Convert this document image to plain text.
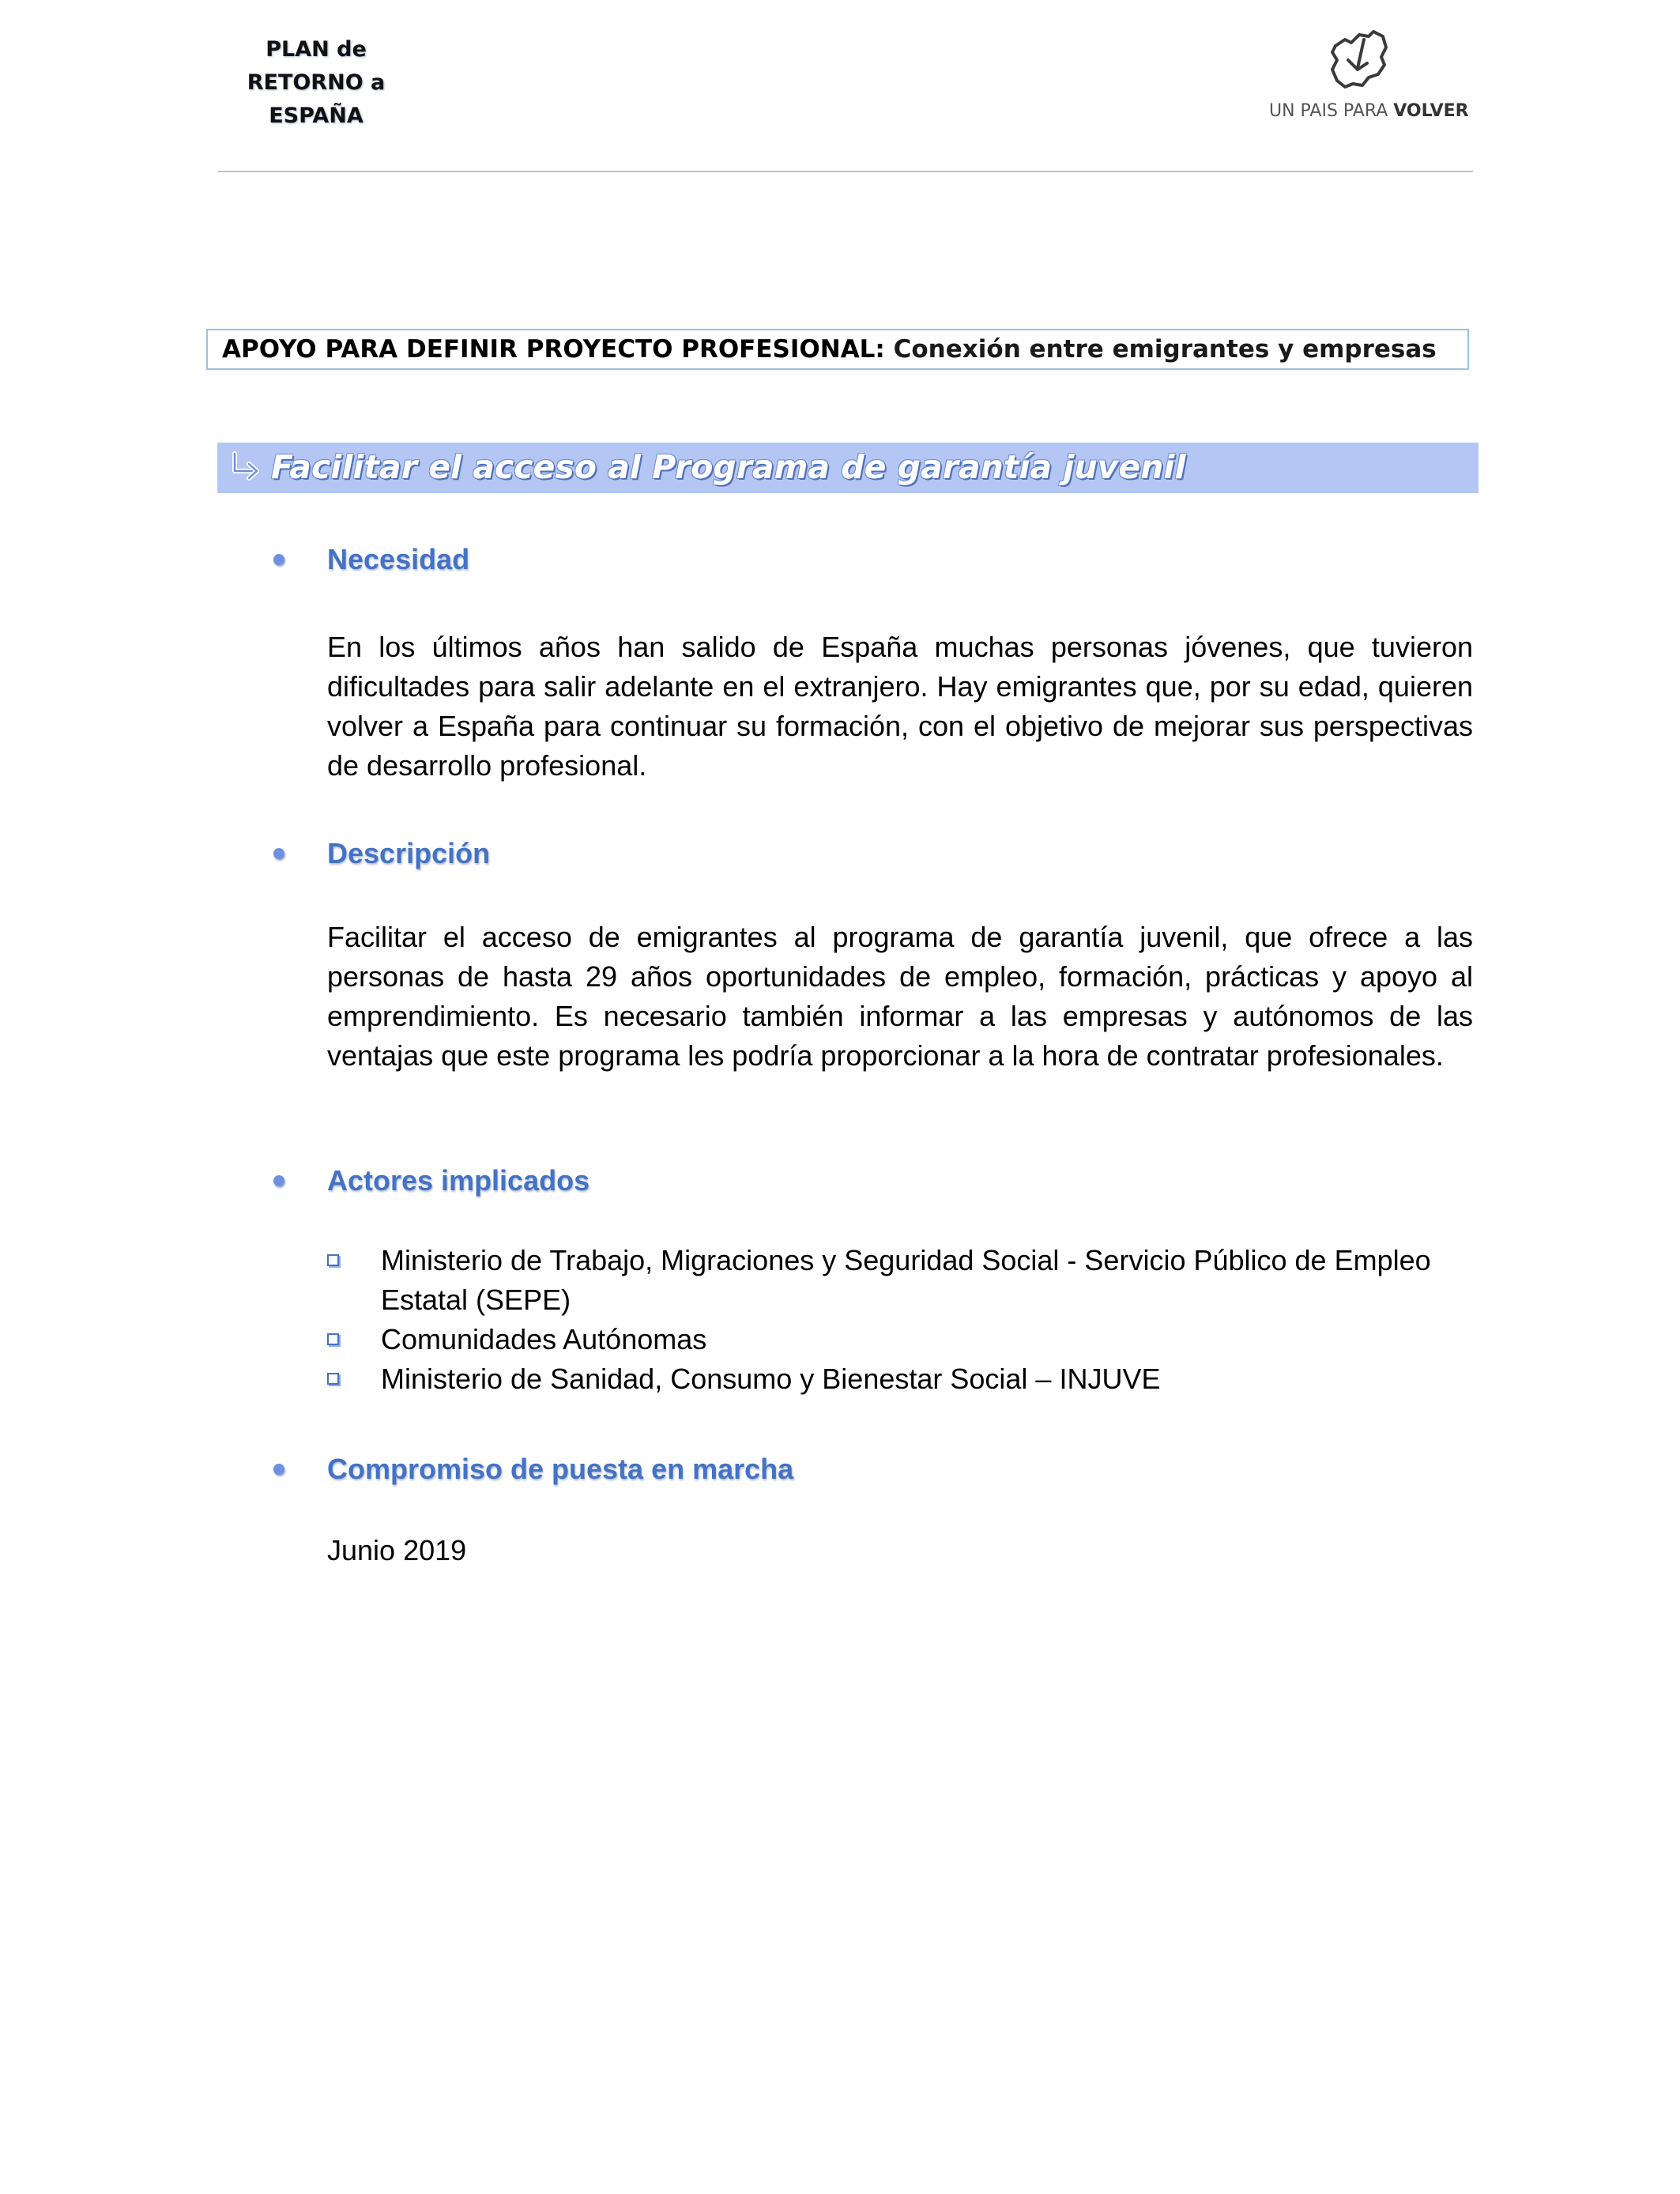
PLAN de
RETORNO a
ESPAÑA	UN PAIS PARA VOLVER
APOYO PARA DEFINIR PROYECTO PROFESIONAL: Conexión entre emigrantes y empresas
Facilitar el acceso al Programa de garantía juvenil
Necesidad
En los últimos años han salido de España muchas personas jóvenes, que tuvieron dificultades para salir adelante en el extranjero. Hay emigrantes que, por su edad, quieren volver a España para continuar su formación, con el objetivo de mejorar sus perspectivas de desarrollo profesional.
Descripción
Facilitar el acceso de emigrantes al programa de garantía juvenil, que ofrece a las personas de hasta 29 años oportunidades de empleo, formación, prácticas y apoyo al emprendimiento. Es necesario también informar a las empresas y autónomos de las ventajas que este programa les podría proporcionar a la hora de contratar profesionales.
Actores implicados
Ministerio de Trabajo, Migraciones y Seguridad Social - Servicio Público de Empleo Estatal (SEPE)
Comunidades Autónomas
Ministerio de Sanidad, Consumo y Bienestar Social – INJUVE
Compromiso de puesta en marcha
Junio 2019
